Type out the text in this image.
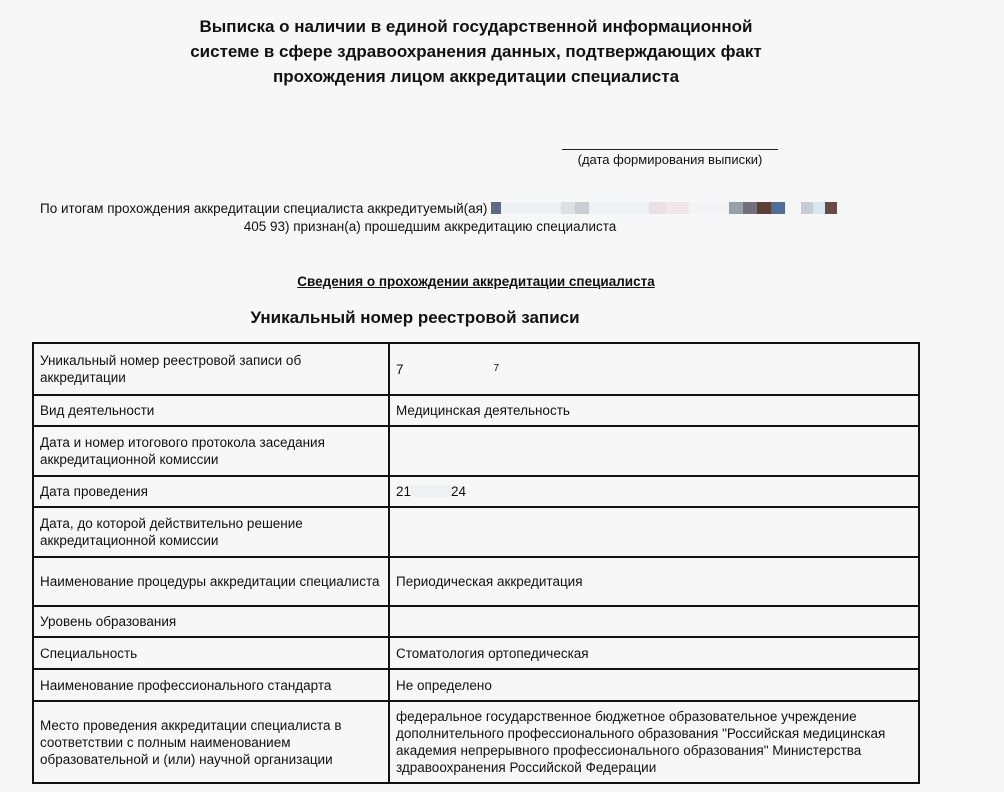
Выписка о наличии в единой государственной информационной
системе в сфере здравоохранения данных, подтверждающих факт
прохождения лицом аккредитации специалиста
(дата формирования выписки)
По итогам прохождения аккредитации специалиста аккредитуемый(ая)
405 93) признан(а) прошедшим аккредитацию специалиста
Сведения о прохождении аккредитации специалиста
Уникальный номер реестровой записи
Уникальный номер реестровой записи об аккредитации	7 $^7$
Вид деятельности	Медицинская деятельность
Дата и номер итогового протокола заседания аккредитационной комиссии	
Дата проведения	21 24
Дата, до которой действительно решение аккредитационной комиссии	
Наименование процедуры аккредитации специалиста	Периодическая аккредитация
Уровень образования	
Специальность	Стоматология ортопедическая
Наименование профессионального стандарта	Не определено
Место проведения аккредитации специалиста в соответствии с полным наименованием образовательной и (или) научной организации	федеральное государственное бюджетное образовательное учреждение дополнительного профессионального образования "Российская медицинская академия непрерывного профессионального образования" Министерства здравоохранения Российской Федерации
